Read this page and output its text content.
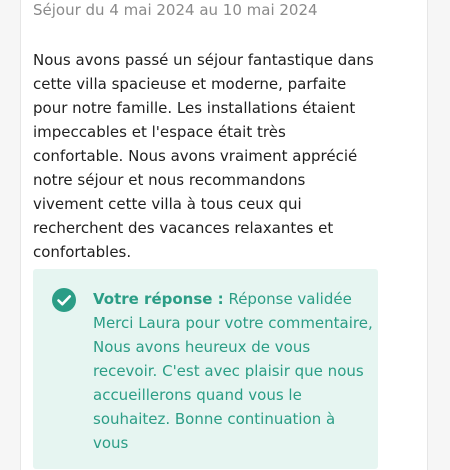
Séjour du 4 mai 2024 au 10 mai 2024

Nous avons passé un séjour fantastique dans cette villa spacieuse et moderne, parfaite pour notre famille. Les installations étaient impeccables et l'espace était très confortable. Nous avons vraiment apprécié notre séjour et nous recommandons vivement cette villa à tous ceux qui recherchent des vacances relaxantes et confortables.

Votre réponse : Réponse validée
Merci Laura pour votre commentaire, Nous avons heureux de vous recevoir. C'est avec plaisir que nous accueillerons quand vous le souhaitez. Bonne continuation à vous
